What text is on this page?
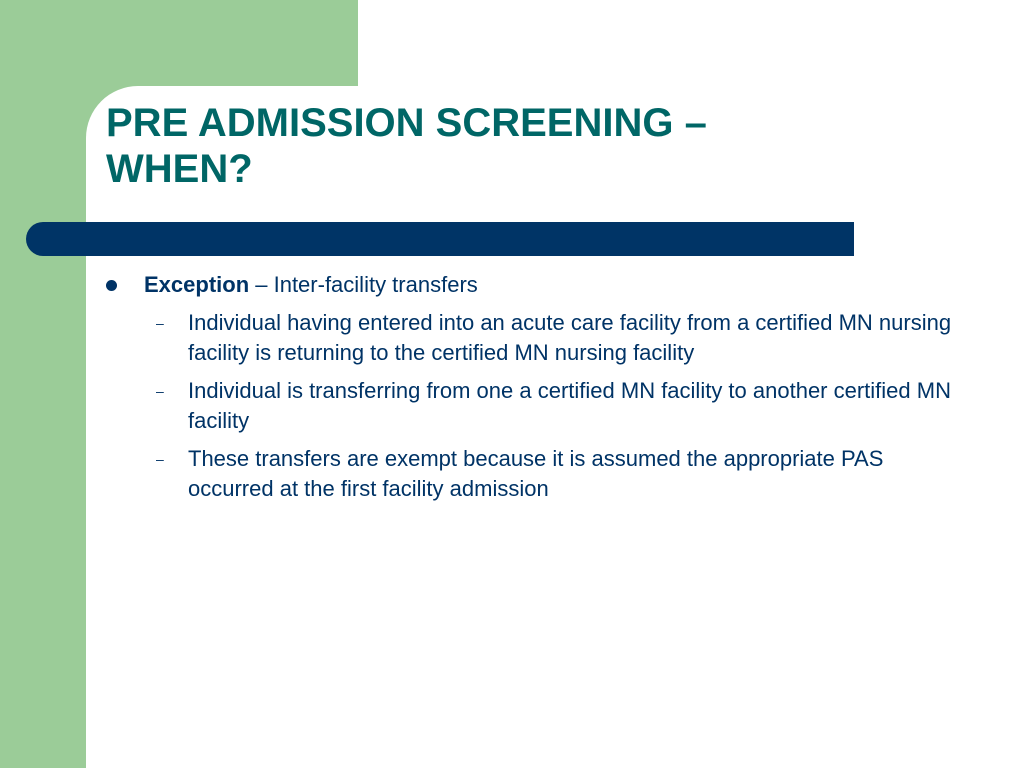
PRE ADMISSION SCREENING –
WHEN?
Exception – Inter-facility transfers
– Individual having entered into an acute care facility from a certified MN nursing facility is returning to the certified MN nursing facility
– Individual is transferring from one a certified MN facility to another certified MN facility
– These transfers are exempt because it is assumed the appropriate PAS occurred at the first facility admission
